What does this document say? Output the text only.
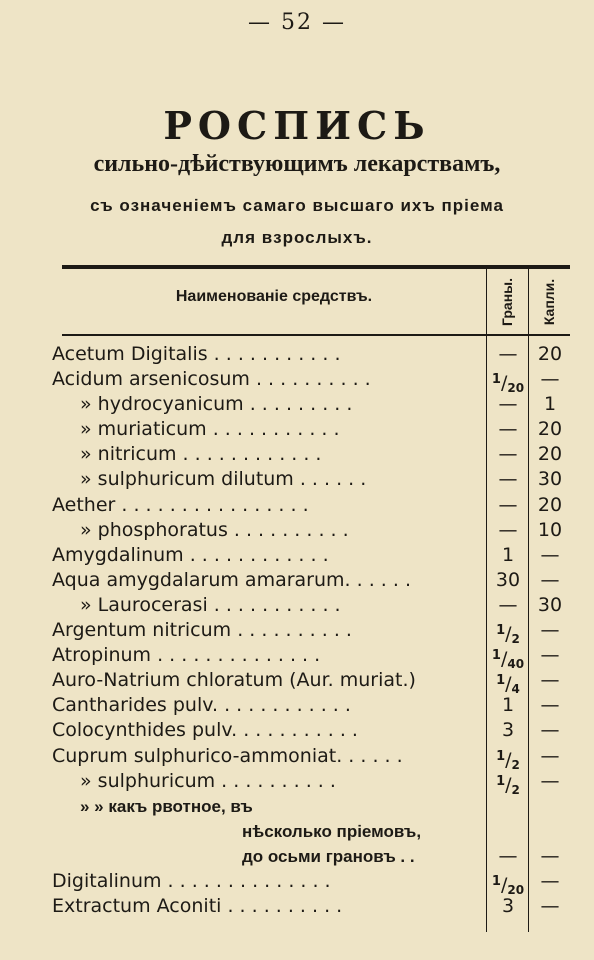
— 52 —
РОСПИСЬ
сильно-дѣйствующимъ лекарствамъ,
съ означеніемъ самаго высшаго ихъ пріема
для взрослыхъ.
Наименованіе средствъ.	Граны. Капли.
Acetum Digitalis . . . . . . . . . . .	—	20
Acidum arsenicosum . . . . . . . . . .	$^1/_{20}$ —
» hydrocyanicum . . . . . . . . .	—	1
» muriaticum . . . . . . . . . . .	—	20
» nitricum . . . . . . . . . . . .	—	20
» sulphuricum dilutum . . . . . .	—	30
Aether . . . . . . . . . . . . . . . .	—	20
» phosphoratus . . . . . . . . . .	—	10
Amygdalinum . . . . . . . . . . . .	1	—
Aqua amygdalarum amararum. . . . . .	30	—
» Laurocerasi . . . . . . . . . . .	—	30
Argentum nitricum . . . . . . . . . .	$^1/_2$	—
Atropinum . . . . . . . . . . . . . .	$^1/_{40}$ —
Auro-Natrium chloratum (Aur. muriat.)	$^1/_4$	—
Cantharides pulv. . . . . . . . . . . .	1	—
Colocynthides pulv. . . . . . . . . . .	3	—
Cuprum sulphurico-ammoniat. . . . . .	$^1/_2$	—
» sulphuricum . . . . . . . . . .	$^1/_2$	—
» » какъ рвотное, въ
нѣсколько пріемовъ,
до осьми грановъ . .	—	—
Digitalinum . . . . . . . . . . . . . .	$^1/_{20}$ —
Extractum Aconiti . . . . . . . . . .	3	—
